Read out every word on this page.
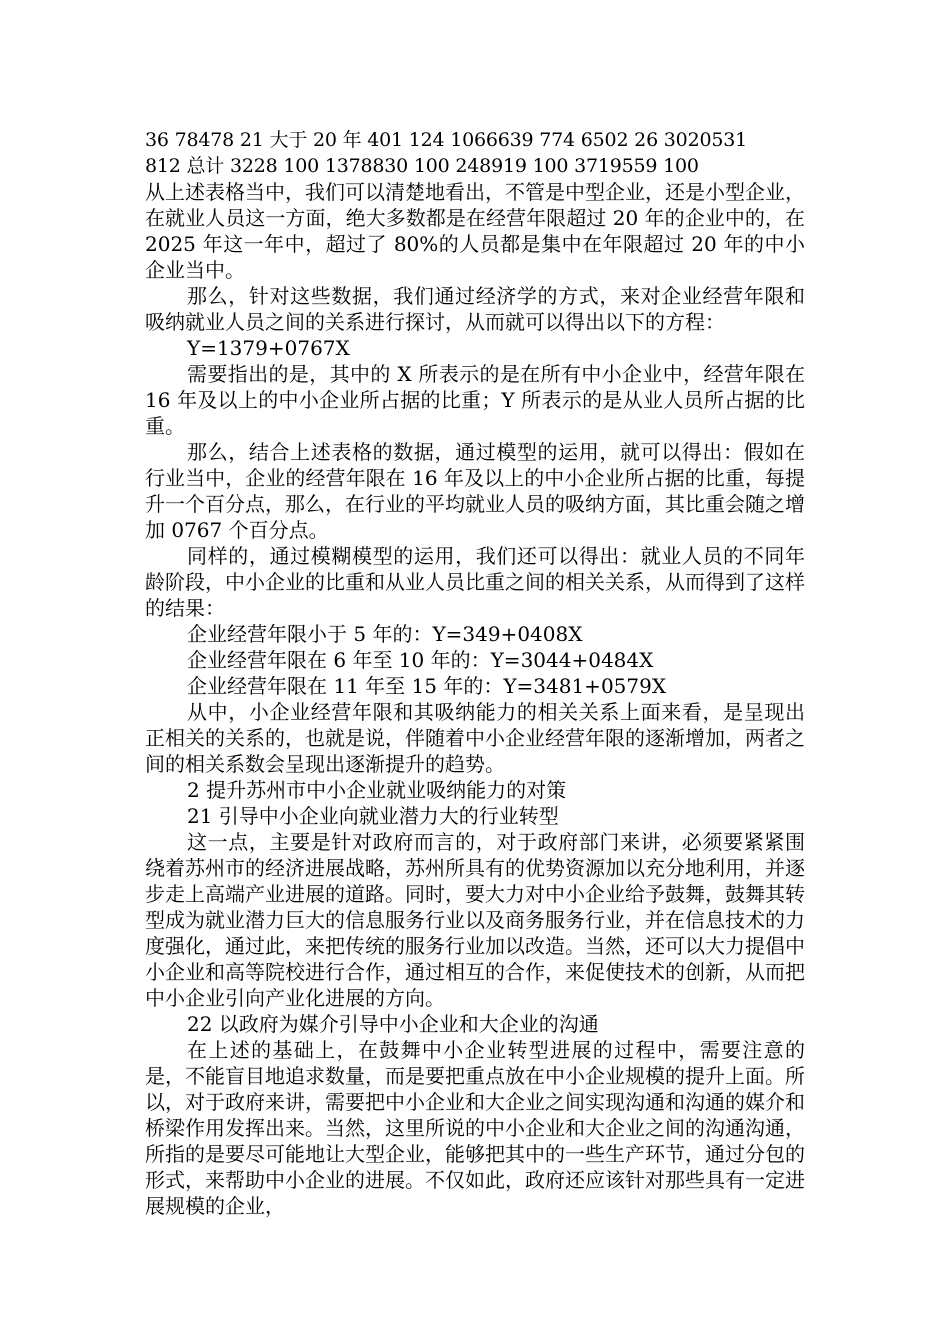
36 78478 21 大于 20 年 401 124 1066639 774 6502 26 3020531

812 总计 3228 100 1378830 100 248919 100 3719559 100

从上述表格当中，我们可以清楚地看出，不管是中型企业，还是小型企业，在就业人员这一方面，绝大多数都是在经营年限超过 20 年的企业中的，在 2025 年这一年中，超过了 80%的人员都是集中在年限超过 20 年的中小企业当中。

那么，针对这些数据，我们通过经济学的方式，来对企业经营年限和吸纳就业人员之间的关系进行探讨，从而就可以得出以下的方程：

Y=1379+0767X

需要指出的是，其中的 X 所表示的是在所有中小企业中，经营年限在 16 年及以上的中小企业所占据的比重；Y 所表示的是从业人员所占据的比重。

那么，结合上述表格的数据，通过模型的运用，就可以得出：假如在行业当中，企业的经营年限在 16 年及以上的中小企业所占据的比重，每提升一个百分点，那么，在行业的平均就业人员的吸纳方面，其比重会随之增加 0767 个百分点。

同样的，通过模糊模型的运用，我们还可以得出：就业人员的不同年龄阶段，中小企业的比重和从业人员比重之间的相关关系，从而得到了这样的结果：

企业经营年限小于 5 年的：Y=349+0408X

企业经营年限在 6 年至 10 年的：Y=3044+0484X

企业经营年限在 11 年至 15 年的：Y=3481+0579X

从中，小企业经营年限和其吸纳能力的相关关系上面来看，是呈现出正相关的关系的，也就是说，伴随着中小企业经营年限的逐渐增加，两者之间的相关系数会呈现出逐渐提升的趋势。

2 提升苏州市中小企业就业吸纳能力的对策

21 引导中小企业向就业潜力大的行业转型

这一点，主要是针对政府而言的，对于政府部门来讲，必须要紧紧围绕着苏州市的经济进展战略，苏州所具有的优势资源加以充分地利用，并逐步走上高端产业进展的道路。同时，要大力对中小企业给予鼓舞，鼓舞其转型成为就业潜力巨大的信息服务行业以及商务服务行业，并在信息技术的力度强化，通过此，来把传统的服务行业加以改造。当然，还可以大力提倡中小企业和高等院校进行合作，通过相互的合作，来促使技术的创新，从而把中小企业引向产业化进展的方向。

22 以政府为媒介引导中小企业和大企业的沟通

在上述的基础上，在鼓舞中小企业转型进展的过程中，需要注意的是，不能盲目地追求数量，而是要把重点放在中小企业规模的提升上面。所以，对于政府来讲，需要把中小企业和大企业之间实现沟通和沟通的媒介和桥梁作用发挥出来。当然，这里所说的中小企业和大企业之间的沟通沟通，所指的是要尽可能地让大型企业，能够把其中的一些生产环节，通过分包的形式，来帮助中小企业的进展。不仅如此，政府还应该针对那些具有一定进展规模的企业，
